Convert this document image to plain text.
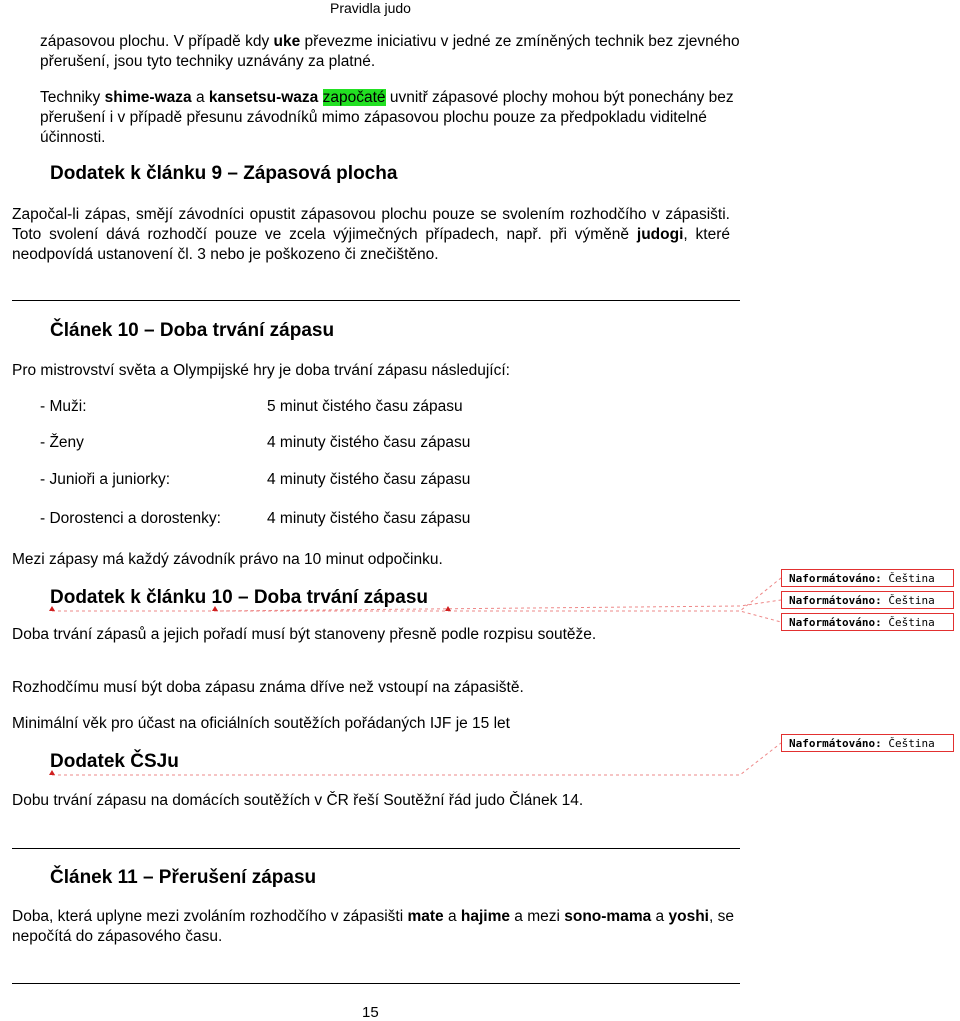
Pravidla judo
zápasovou plochu. V případě kdy uke převezme iniciativu v jedné ze zmíněných technik bez zjevného přerušení, jsou tyto techniky uznávány za platné.
Techniky shime-waza a kansetsu-waza započaté uvnitř zápasové plochy mohou být ponechány bez přerušení i v případě přesunu závodníků mimo zápasovou plochu pouze za předpokladu viditelné účinnosti.
Dodatek k článku 9 – Zápasová plocha
Započal-li zápas, smějí závodníci opustit zápasovou plochu pouze se svolením rozhodčího v zápasišti. Toto svolení dává rozhodčí pouze ve zcela výjimečných případech, např. při výměně judogi, které neodpovídá ustanovení čl. 3 nebo je poškozeno či znečištěno.
Článek 10 – Doba trvání zápasu
Pro mistrovství světa a Olympijské hry je doba trvání zápasu následující:
- Muži:	5 minut čistého času zápasu
- Ženy	4 minuty čistého času zápasu
- Junioři a juniorky:	4 minuty čistého času zápasu
- Dorostenci a dorostenky:	4 minuty čistého času zápasu
Mezi zápasy má každý závodník právo na 10 minut odpočinku.
Dodatek k článku 10 – Doba trvání zápasu
Doba trvání zápasů a jejich pořadí musí být stanoveny přesně podle rozpisu soutěže.
Rozhodčímu musí být doba zápasu známa dříve než vstoupí na zápasiště.
Minimální věk pro účast na oficiálních soutěžích pořádaných IJF je 15 let
Dodatek ČSJu
Dobu trvání zápasu na domácích soutěžích v ČR řeší Soutěžní řád judo Článek 14.
Článek 11 – Přerušení zápasu
Doba, která uplyne mezi zvoláním rozhodčího v zápasišti mate a hajime a mezi sono-mama a yoshi, se nepočítá do zápasového času.
15
Naformátováno: Čeština
Naformátováno: Čeština
Naformátováno: Čeština
Naformátováno: Čeština
